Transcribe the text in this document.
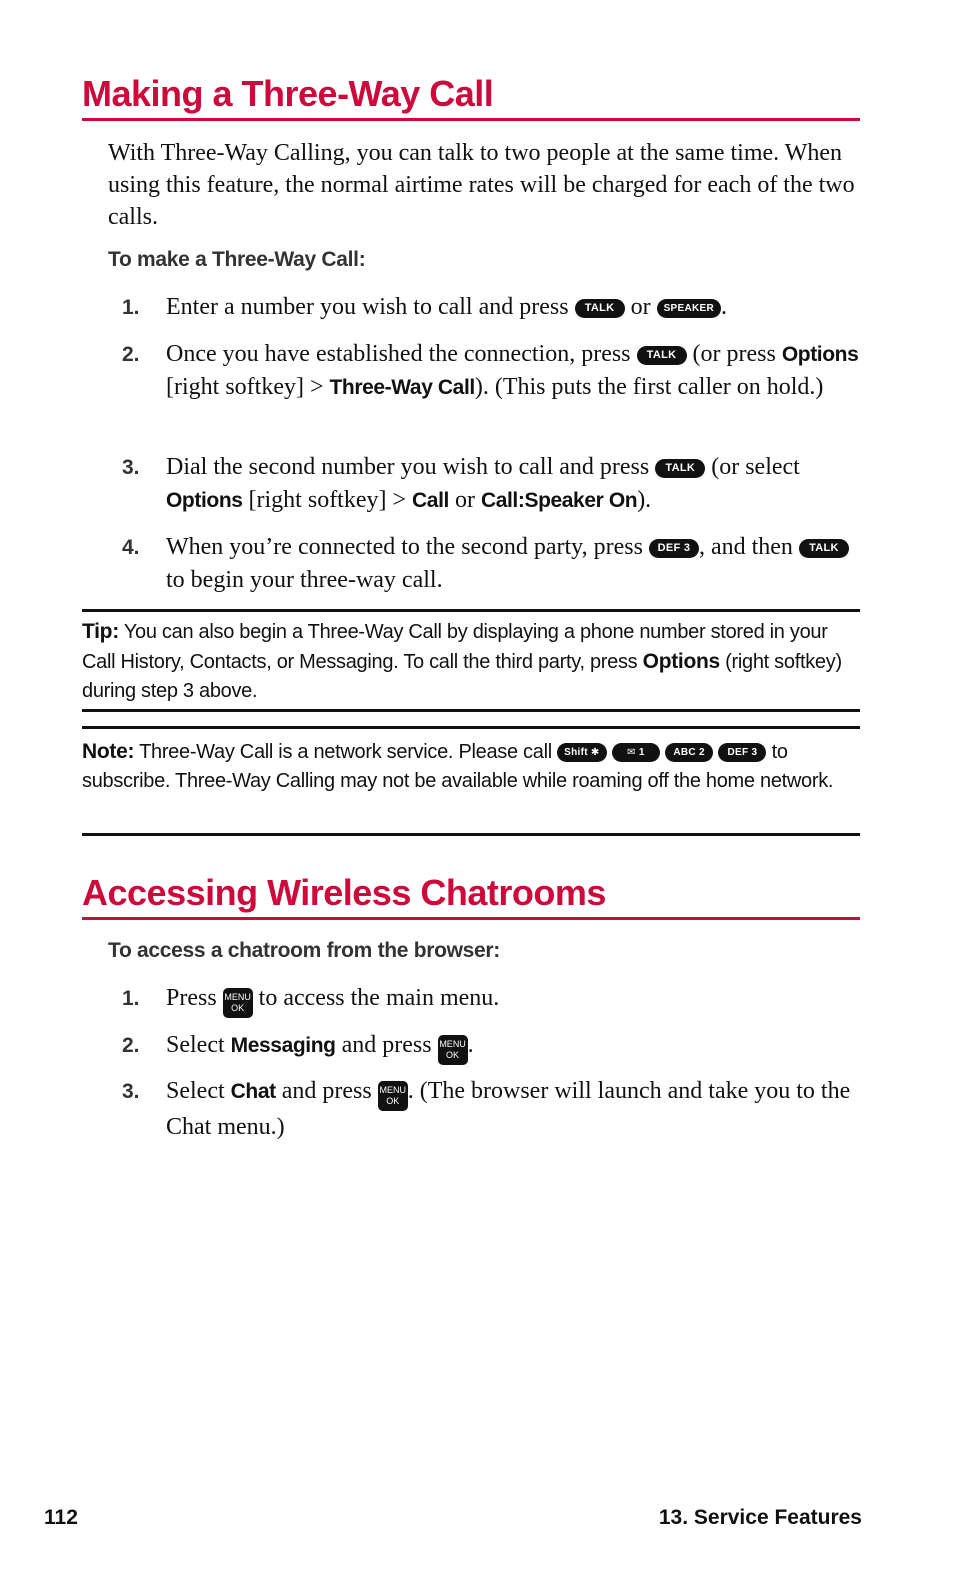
Making a Three-Way Call

With Three-Way Calling, you can talk to two people at the same time. When using this feature, the normal airtime rates will be charged for each of the two calls.

To make a Three-Way Call:
1. Enter a number you wish to call and press TALK or SPEAKER .
2. Once you have established the connection, press TALK (or press Options [right softkey] > Three-Way Call). (This puts the first caller on hold.)
3. Dial the second number you wish to call and press TALK (or select Options [right softkey] > Call or Call:Speaker On).
4. When you’re connected to the second party, press DEF 3 , and then TALK to begin your three-way call.
Tip: You can also begin a Three-Way Call by displaying a phone number stored in your Call History, Contacts, or Messaging. To call the third party, press Options (right softkey) during step 3 above.
Note: Three-Way Call is a network service. Please call Shift ✱	✉ 1	ABC 2 DEF 3 to subscribe. Three-Way Calling may not be available while roaming off the home network.
Accessing Wireless Chatrooms
To access a chatroom from the browser:
1. Press MENU
OK to access the main menu.
2. Select Messaging and press MENU
OK .
3. Select Chat and press MENU
OK . (The browser will launch and take you to the Chat menu.)
112	13. Service Features
